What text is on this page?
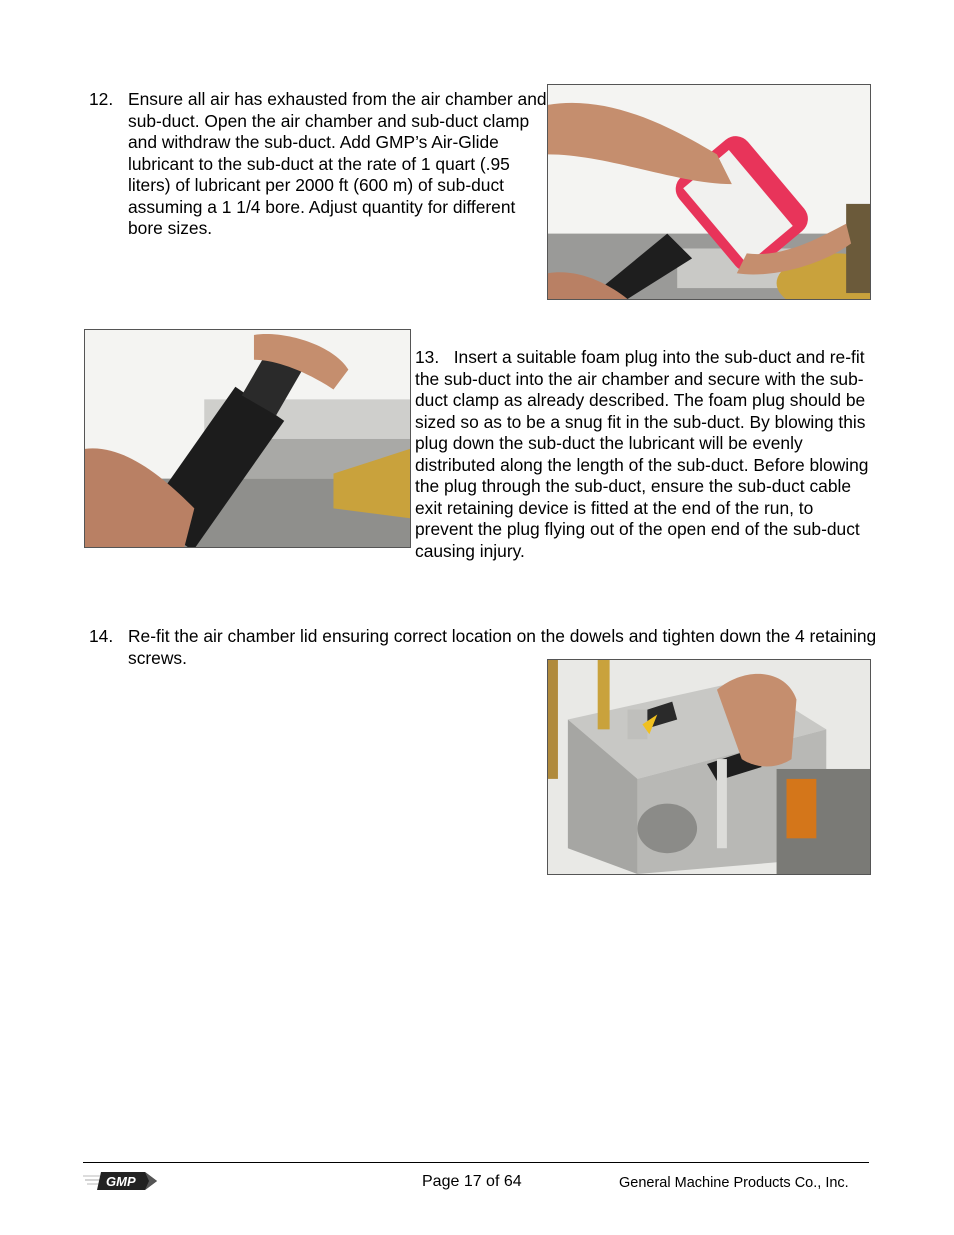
12. Ensure all air has exhausted from the air chamber and sub-duct. Open the air chamber and sub-duct clamp and withdraw the sub-duct. Add GMP’s Air-Glide lubricant to the sub-duct at the rate of 1 quart (.95 liters) of lubricant per 2000 ft (600 m) of sub-duct assuming a 1 1/4 bore. Adjust quantity for different bore sizes.
13. Insert a suitable foam plug into the sub-duct and re-fit the sub-duct into the air chamber and secure with the sub-duct clamp as already described. The foam plug should be sized so as to be a snug fit in the sub-duct. By blowing this plug down the sub-duct the lubricant will be evenly distributed along the length of the sub-duct. Before blowing the plug through the sub-duct, ensure the sub-duct cable exit retaining device is fitted at the end of the run, to prevent the plug flying out of the open end of the sub-duct causing injury.
14. Re-fit the air chamber lid ensuring correct location on the dowels and tighten down the 4 retaining screws.
GMP	Page 17 of 64	General Machine Products Co., Inc.
